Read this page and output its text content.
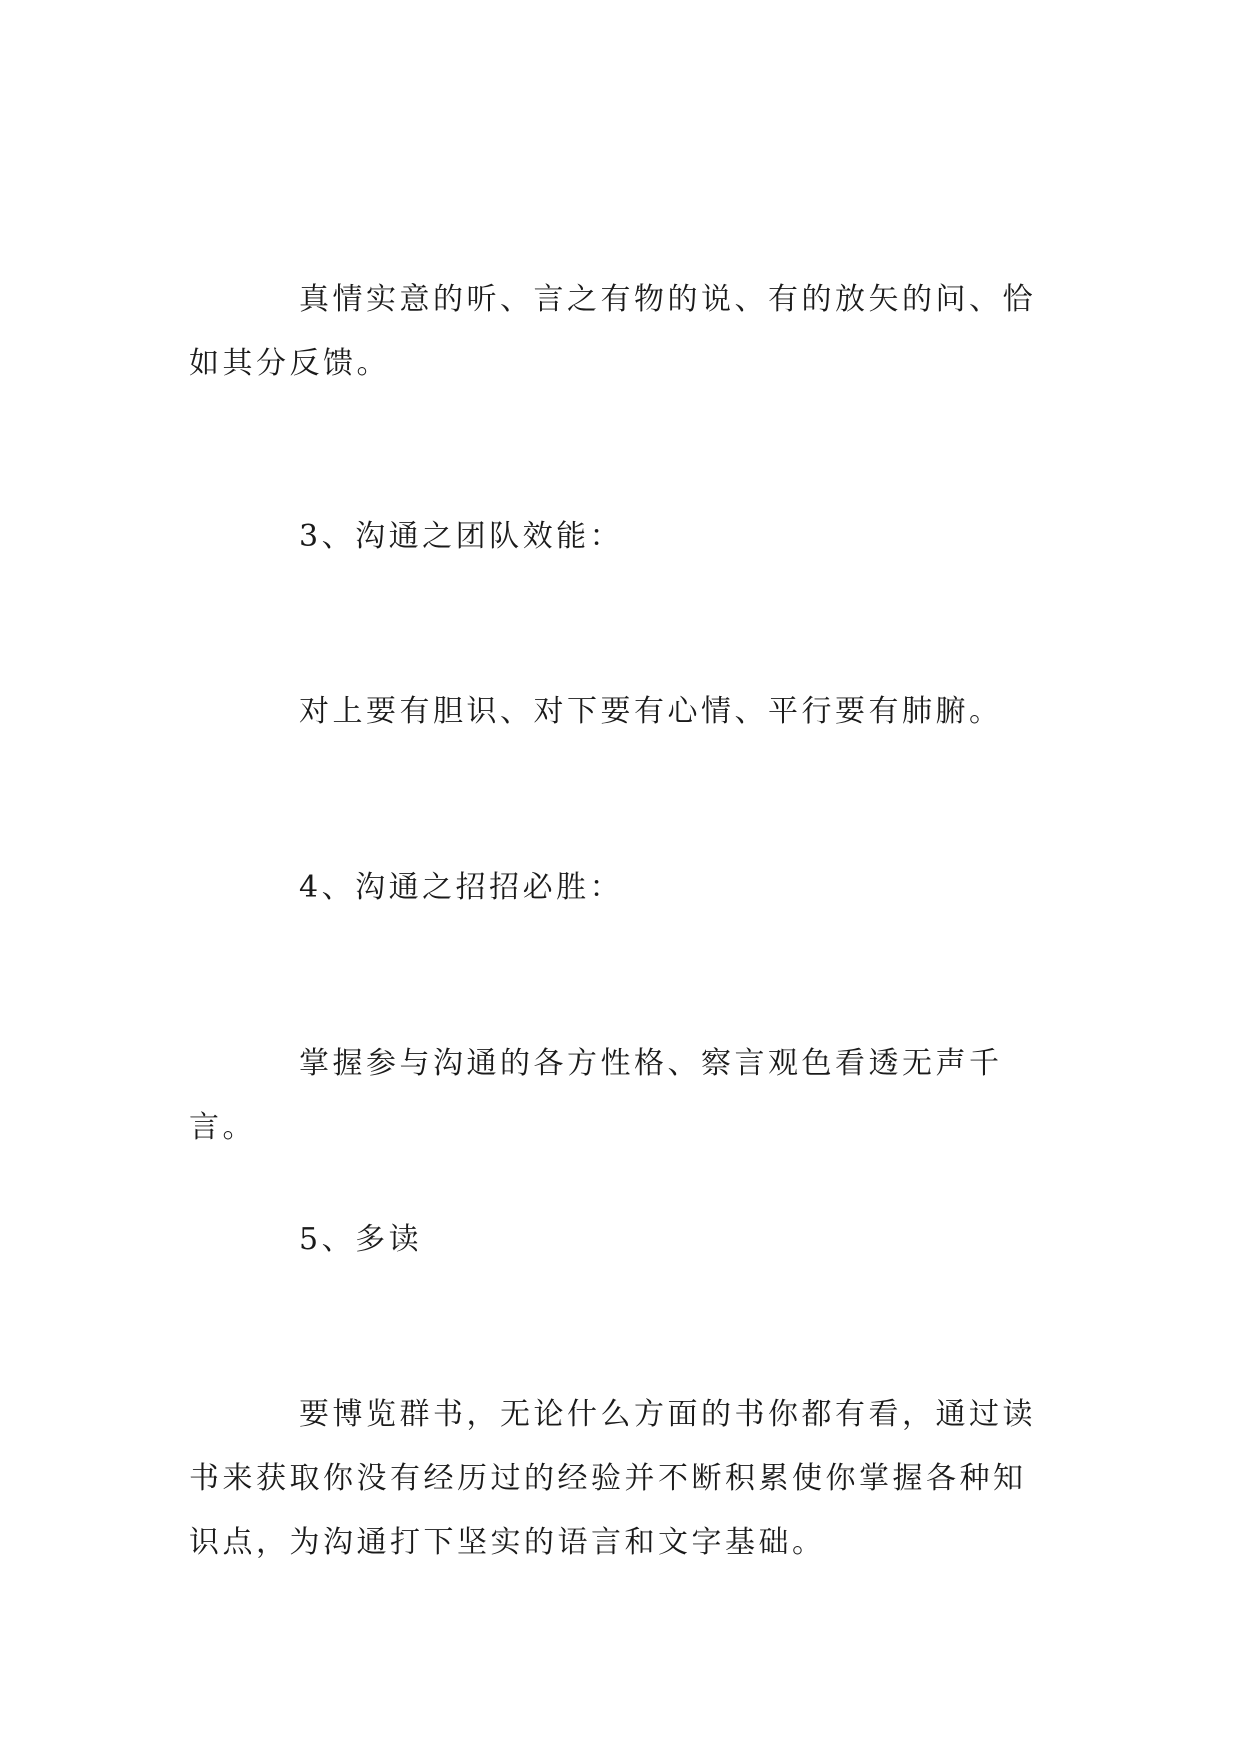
真情实意的听、言之有物的说、有的放矢的问、恰如其分反馈。

3、沟通之团队效能：

对上要有胆识、对下要有心情、平行要有肺腑。

4、沟通之招招必胜：

掌握参与沟通的各方性格、察言观色看透无声千言。

5、多读

要博览群书，无论什么方面的书你都有看，通过读书来获取你没有经历过的经验并不断积累使你掌握各种知识点，为沟通打下坚实的语言和文字基础。
